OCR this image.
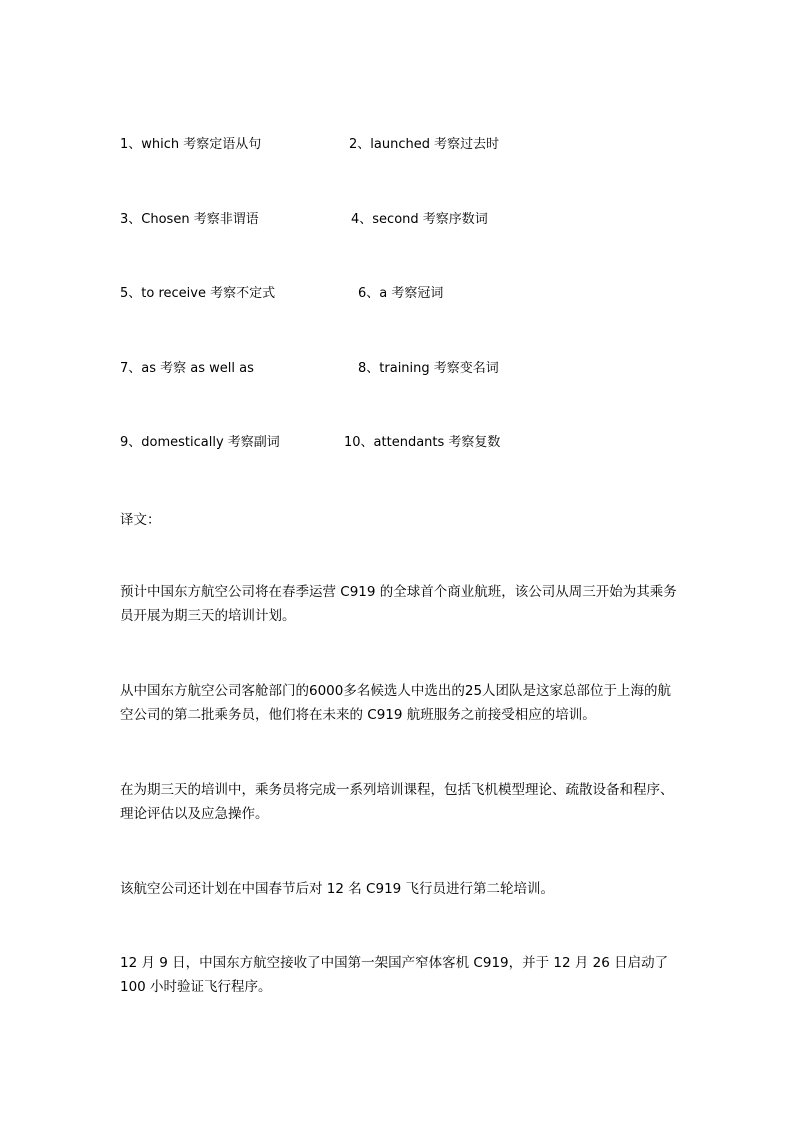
1、which 考察定语从句	2、launched 考察过去时
3、Chosen 考察非谓语	4、second 考察序数词
5、to receive 考察不定式	6、a 考察冠词
7、as 考察 as well as	8、training 考察变名词
9、domestically 考察副词	10、attendants 考察复数
译文：

预计中国东方航空公司将在春季运营 C919 的全球首个商业航班，该公司从周三开始为其乘务员开展为期三天的培训计划。

从中国东方航空公司客舱部门的6000多名候选人中选出的25人团队是这家总部位于上海的航空公司的第二批乘务员，他们将在未来的 C919 航班服务之前接受相应的培训。

在为期三天的培训中，乘务员将完成一系列培训课程，包括飞机模型理论、疏散设备和程序、理论评估以及应急操作。

该航空公司还计划在中国春节后对 12 名 C919 飞行员进行第二轮培训。

12 月 9 日，中国东方航空接收了中国第一架国产窄体客机 C919，并于 12 月 26 日启动了 100 小时验证飞行程序。
